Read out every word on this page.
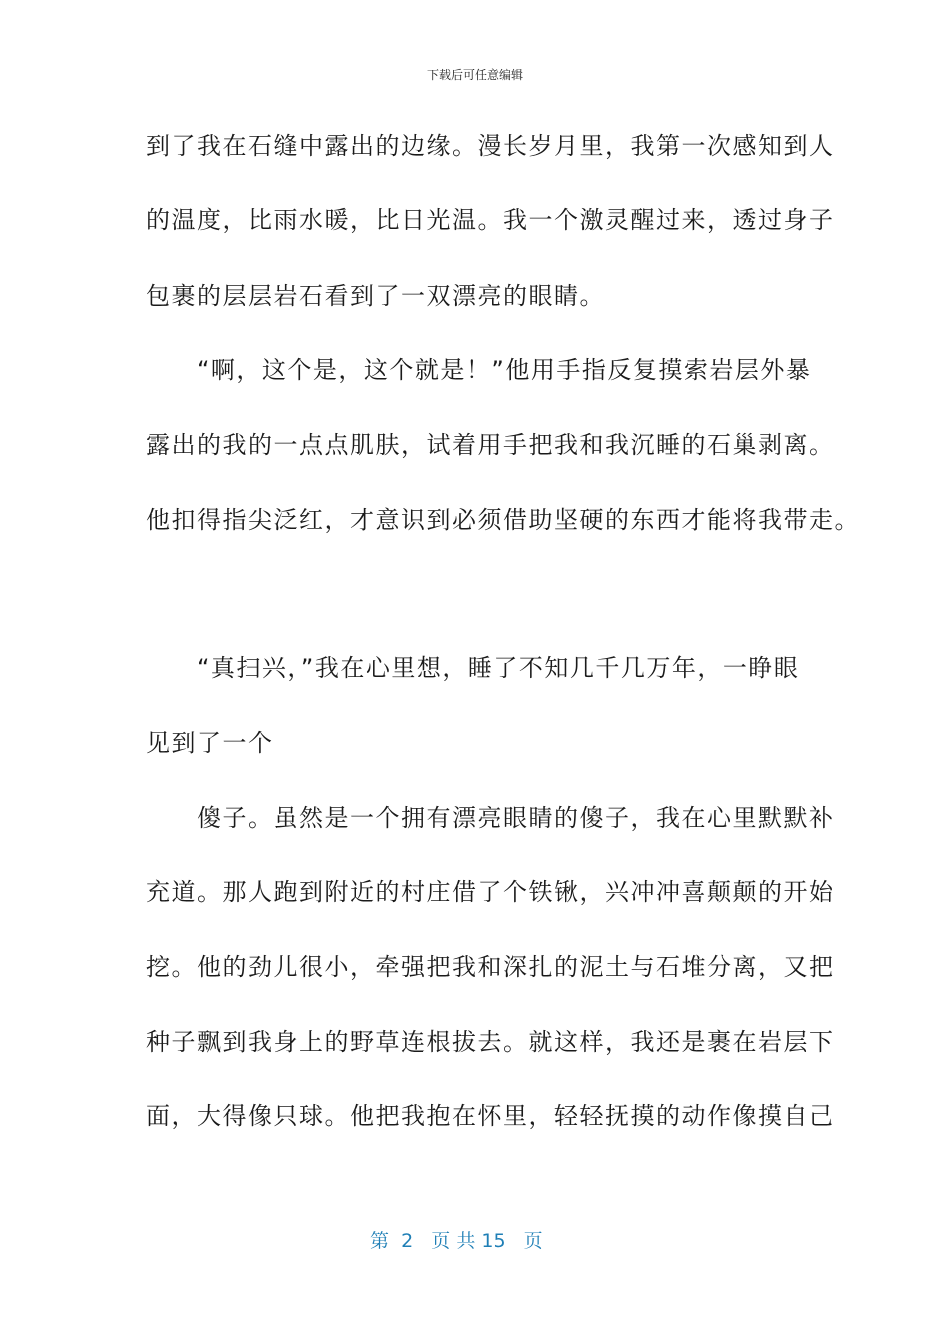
下载后可任意编辑
到了我在石缝中露出的边缘。漫长岁月里，我第一次感知到人
的温度，比雨水暖，比日光温。我一个激灵醒过来，透过身子
包裹的层层岩石看到了一双漂亮的眼睛。
　　“啊，这个是，这个就是！”他用手指反复摸索岩层外暴
露出的我的一点点肌肤，试着用手把我和我沉睡的石巢剥离。
他扣得指尖泛红，才意识到必须借助坚硬的东西才能将我带走。
　　“真扫兴，”我在心里想，睡了不知几千几万年，一睁眼
见到了一个
　　傻子。虽然是一个拥有漂亮眼睛的傻子，我在心里默默补
充道。那人跑到附近的村庄借了个铁锹，兴冲冲喜颠颠的开始
挖。他的劲儿很小，牵强把我和深扎的泥土与石堆分离，又把
种子飘到我身上的野草连根拔去。就这样，我还是裹在岩层下
面，大得像只球。他把我抱在怀里，轻轻抚摸的动作像摸自己
第  2   页 共 15   页
